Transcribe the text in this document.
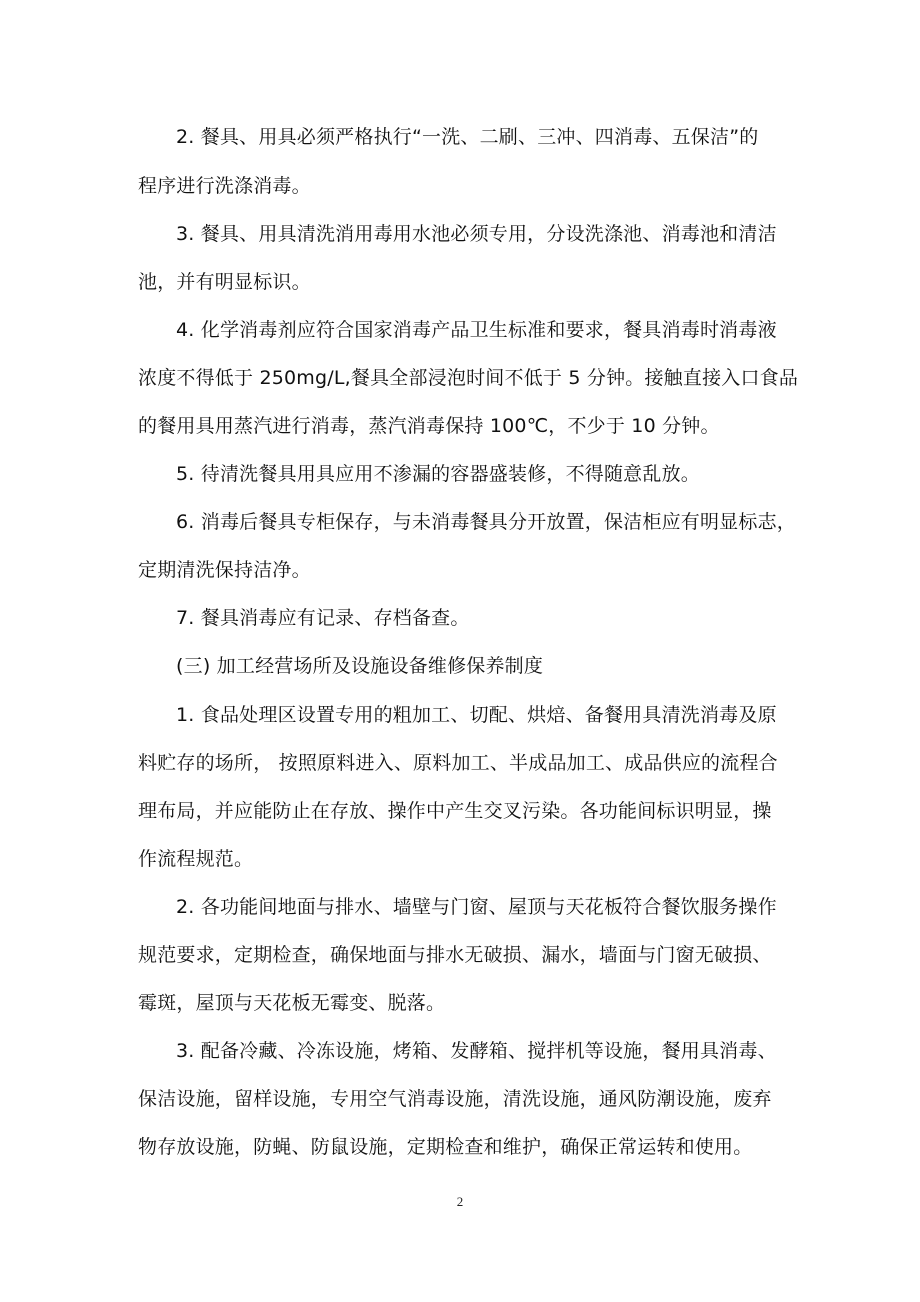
2. 餐具、用具必须严格执行“一洗、二刷、三冲、四消毒、五保洁”的
程序进行洗涤消毒。
3. 餐具、用具清洗消用毒用水池必须专用，分设洗涤池、消毒池和清洁
池，并有明显标识。
4. 化学消毒剂应符合国家消毒产品卫生标准和要求，餐具消毒时消毒液
浓度不得低于 250mg/L,餐具全部浸泡时间不低于 5 分钟。接触直接入口食品
的餐用具用蒸汽进行消毒，蒸汽消毒保持 100℃，不少于 10 分钟。
5. 待清洗餐具用具应用不渗漏的容器盛装修，不得随意乱放。
6. 消毒后餐具专柜保存，与未消毒餐具分开放置，保洁柜应有明显标志，
定期清洗保持洁净。
7. 餐具消毒应有记录、存档备查。
(三) 加工经营场所及设施设备维修保养制度
1. 食品处理区设置专用的粗加工、切配、烘焙、备餐用具清洗消毒及原
料贮存的场所， 按照原料进入、原料加工、半成品加工、成品供应的流程合
理布局，并应能防止在存放、操作中产生交叉污染。各功能间标识明显，操
作流程规范。
2. 各功能间地面与排水、墙壁与门窗、屋顶与天花板符合餐饮服务操作
规范要求，定期检查，确保地面与排水无破损、漏水，墙面与门窗无破损、
霉斑，屋顶与天花板无霉变、脱落。
3. 配备冷藏、冷冻设施，烤箱、发酵箱、搅拌机等设施，餐用具消毒、
保洁设施，留样设施，专用空气消毒设施，清洗设施，通风防潮设施，废弃
物存放设施，防蝇、防鼠设施，定期检查和维护，确保正常运转和使用。
2
